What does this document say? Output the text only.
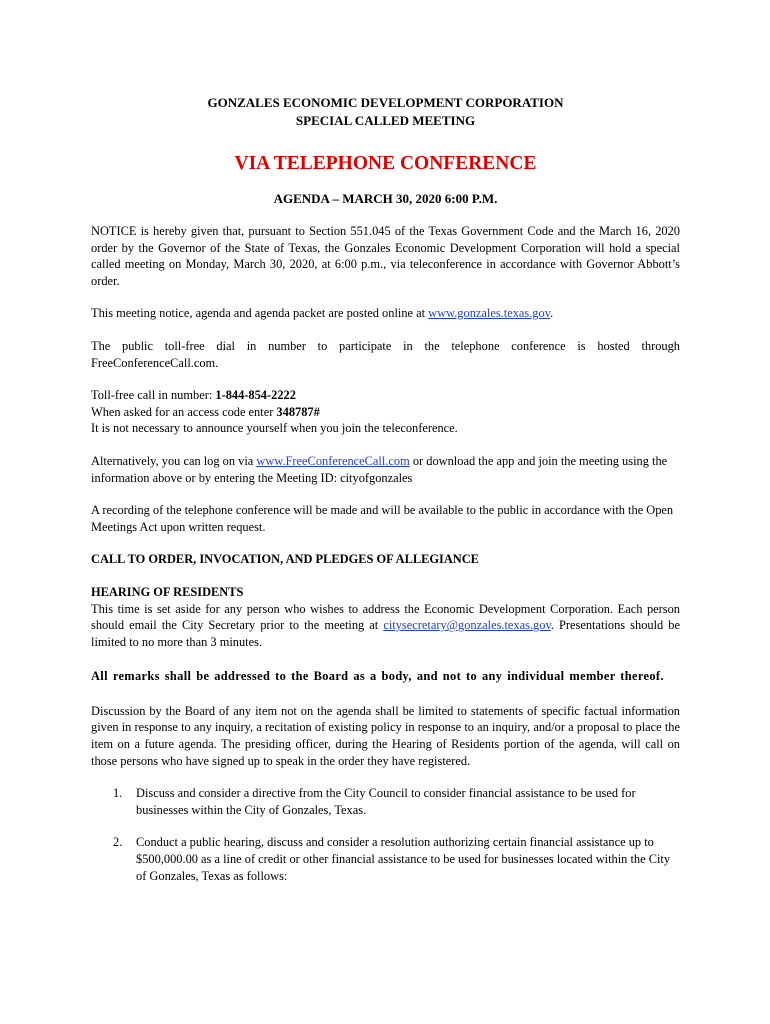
GONZALES ECONOMIC DEVELOPMENT CORPORATION
SPECIAL CALLED MEETING
VIA TELEPHONE CONFERENCE
AGENDA – MARCH 30, 2020 6:00 P.M.

NOTICE is hereby given that, pursuant to Section 551.045 of the Texas Government Code and the March 16, 2020 order by the Governor of the State of Texas, the Gonzales Economic Development Corporation will hold a special called meeting on Monday, March 30, 2020, at 6:00 p.m., via teleconference in accordance with Governor Abbott’s order.

This meeting notice, agenda and agenda packet are posted online at www.gonzales.texas.gov.

The public toll-free dial in number to participate in the telephone conference is hosted through FreeConferenceCall.com.

Toll-free call in number: 1-844-854-2222

When asked for an access code enter 348787#

It is not necessary to announce yourself when you join the teleconference.

Alternatively, you can log on via www.FreeConferenceCall.com or download the app and join the meeting using the information above or by entering the Meeting ID: cityofgonzales

A recording of the telephone conference will be made and will be available to the public in accordance with the Open Meetings Act upon written request.

CALL TO ORDER, INVOCATION, AND PLEDGES OF ALLEGIANCE

HEARING OF RESIDENTS

This time is set aside for any person who wishes to address the Economic Development Corporation. Each person should email the City Secretary prior to the meeting at citysecretary@gonzales.texas.gov. Presentations should be limited to no more than 3 minutes.

All remarks shall be addressed to the Board as a body, and not to any individual member thereof.

Discussion by the Board of any item not on the agenda shall be limited to statements of specific factual information given in response to any inquiry, a recitation of existing policy in response to an inquiry, and/or a proposal to place the item on a future agenda. The presiding officer, during the Hearing of Residents portion of the agenda, will call on those persons who have signed up to speak in the order they have registered.

1. Discuss and consider a directive from the City Council to consider financial assistance to be used for businesses within the City of Gonzales, Texas.
2. Conduct a public hearing, discuss and consider a resolution authorizing certain financial assistance up to $500,000.00 as a line of credit or other financial assistance to be used for businesses located within the City of Gonzales, Texas as follows:
